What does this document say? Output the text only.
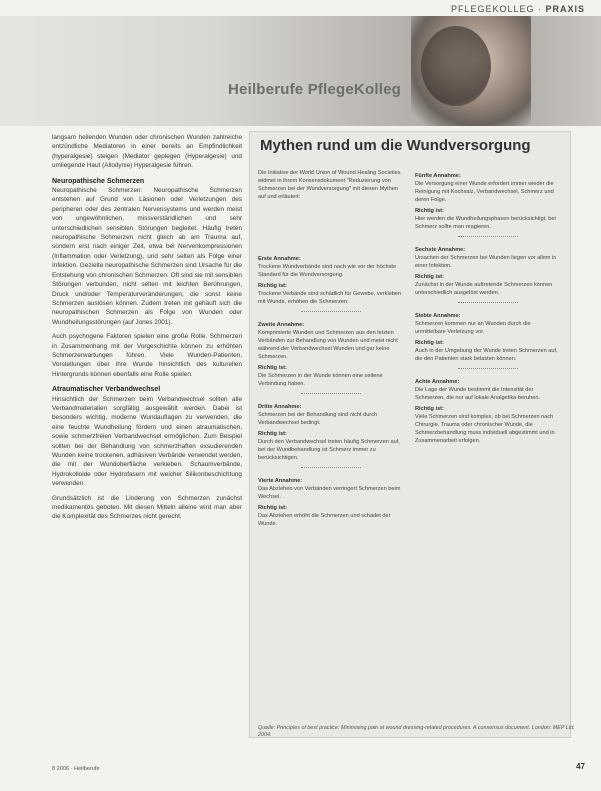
PFLEGEKOLLEG · PRAXIS
Heilberufe PflegeKolleg

langsam heilenden Wunden oder chronischen Wunden zahlreiche entzündliche Mediatoren in einer bereits an Empfindlichkeit (hyperalgesie) steigen (Mediator geplegen (Hyperalgesie) und umliegende Haut (Allodynie) Hyperalgesie führen.

Neuropathische Schmerzen

Neuropathische Schmerzen: Neuropathische Schmerzen entstehen auf Grund von Läsionen oder Verletzungen des peripheren oder des zentralen Nervensystems und werden meist von ungewöhnlichen, missverständlichen und sehr unterschiedlichen sensiblen Störungen begleitet. Häufig treten neuropathische Schmerzen nicht gleich ab am Trauma auf, sondern erst nach einiger Zeit, etwa bei Nervenkompressionen (Inflammation oder Verletzung), und sehr selten als Folge einer Infektion. Gezielte neuropathische Schmerzen sind Ursache für die Entstehung von chronischen Schmerzen. Oft sind sie mit sensiblen Störungen verbunden, nicht selten mit leichten Berührungen, Druck und/oder Temperaturveränderungen, die sonst keine Schmerzen auslösen können. Zudem treten mit gehäuft sich die neuropathischen Schmerzen als Folge von Wunden oder Wundheilungsstörungen (auf Jones 2001).

Auch psychogene Faktoren spielen eine große Rolle. Schmerzen in Zusammenhang mit der Vorgeschichte können zu erhöhten Schmerzerwartungen führen. Viele Wunden-Patienten, Vorstellungen über ihre Wunde hinsichtlich des kulturellen Hintergrunds können ebenfalls eine Rolle spielen.

Atraumatischer Verbandwechsel

Hinsichtlich der Schmerzen beim Verbandwechsel sollten alle Verbandmaterialien sorgfältig ausgewählt werden. Dabei ist besonders wichtig, moderne Wundauflagen zu verwenden, die eine feuchte Wundheilung fördern und einen atraumatischen, sowie schmerzfreien Verbandwechsel ermöglichen. Zum Beispiel sollten bei der Behandlung von schmerzhaften exsudierenden Wunden keine trockenen, adhäsiven Verbände verwendet werden, die mit der Wundoberfläche verkleben. Schaumverbände, Hydrokolloide oder Hydrofasern mit weicher Silikonbeschichtung verwenden.

Grundsätzlich ist die Linderung von Schmerzen zunächst medikamentös geboten. Mit diesen Mitteln alleine wird man aber die Komplexität des Schmerzes nicht gerecht.

Mythen rund um die Wundversorgung
Die Initiative der World Union of Wound Healing Societies widmet in ihrem Konsensdokument "Reduzierung von Schmerzen bei der Wundversorgung" mit diesen Mythen auf und erläutert:
Erste Annahme:
Trockene Wundverbände sind nach wie vor der höchste Standard für die Wundversorgung.
Richtig ist:
Trockene Verbände sind schädlich für Gewebe, verkleben mit Wunde, erhöhen die Schmerzen.
Zweite Annahme:
Komprimierte Wunden und Schmerzen aus den letzten Verbänden zur Behandlung von Wunden und meist nicht während der Verbandwechsel Wunden und gar keine Schmerzen.
Richtig ist:
Die Schmerzen in der Wunde können eine seltene Verbindung haben.
Dritte Annahme:
Schmerzen bei der Behandlung sind nicht durch Verbandwechsel bedingt.
Richtig ist:
Durch den Verbandwechsel treten häufig Schmerzen auf, bei der Wundbehandlung ist Schmerz immer zu berücksichtigen.
Vierte Annahme:
Das Abziehen von Verbänden verringert Schmerzen beim Wechsel.
Richtig ist:
Das Abziehen erhöht die Schmerzen und schadet der Wunde.
Fünfte Annahme:
Die Versorgung einer Wunde erfordert immer wieder die Reinigung mit Kochsalz, Verbandwechsel, Schmerz und deren Folge.
Richtig ist:
Hier werden die Wundheilungsphasen berücksichtigt, bei Schmerz sollte man reagieren.
Sechste Annahme:
Ursachen der Schmerzen bei Wunden liegen vor allem in einer Infektion.
Richtig ist:
Zunächst in der Wunde auftretende Schmerzen können unterschiedlich ausgelöst werden.
Siebte Annahme:
Schmerzen kommen nur an Wunden durch die unmittelbare Verletzung vor.
Richtig ist:
Auch in der Umgebung der Wunde treten Schmerzen auf, die den Patienten stark belasten können.
Achte Annahme:
Die Lage der Wunde bestimmt die Intensität der Schmerzen, die nur auf lokale Analgetika beruhen.
Richtig ist:
Viele Schmerzen sind komplex, ob bei Schmerzen nach Chirurgie, Trauma oder chronischer Wunde, die Schmerzbehandlung muss individuell abgestimmt und in Zusammenarbeit erfolgen.
Quelle: Principles of best practice: Minimising pain at wound dressing-related procedures. A consensus document. London: MEP Ltd, 2004.
8 2006 · Heilberufe	47
